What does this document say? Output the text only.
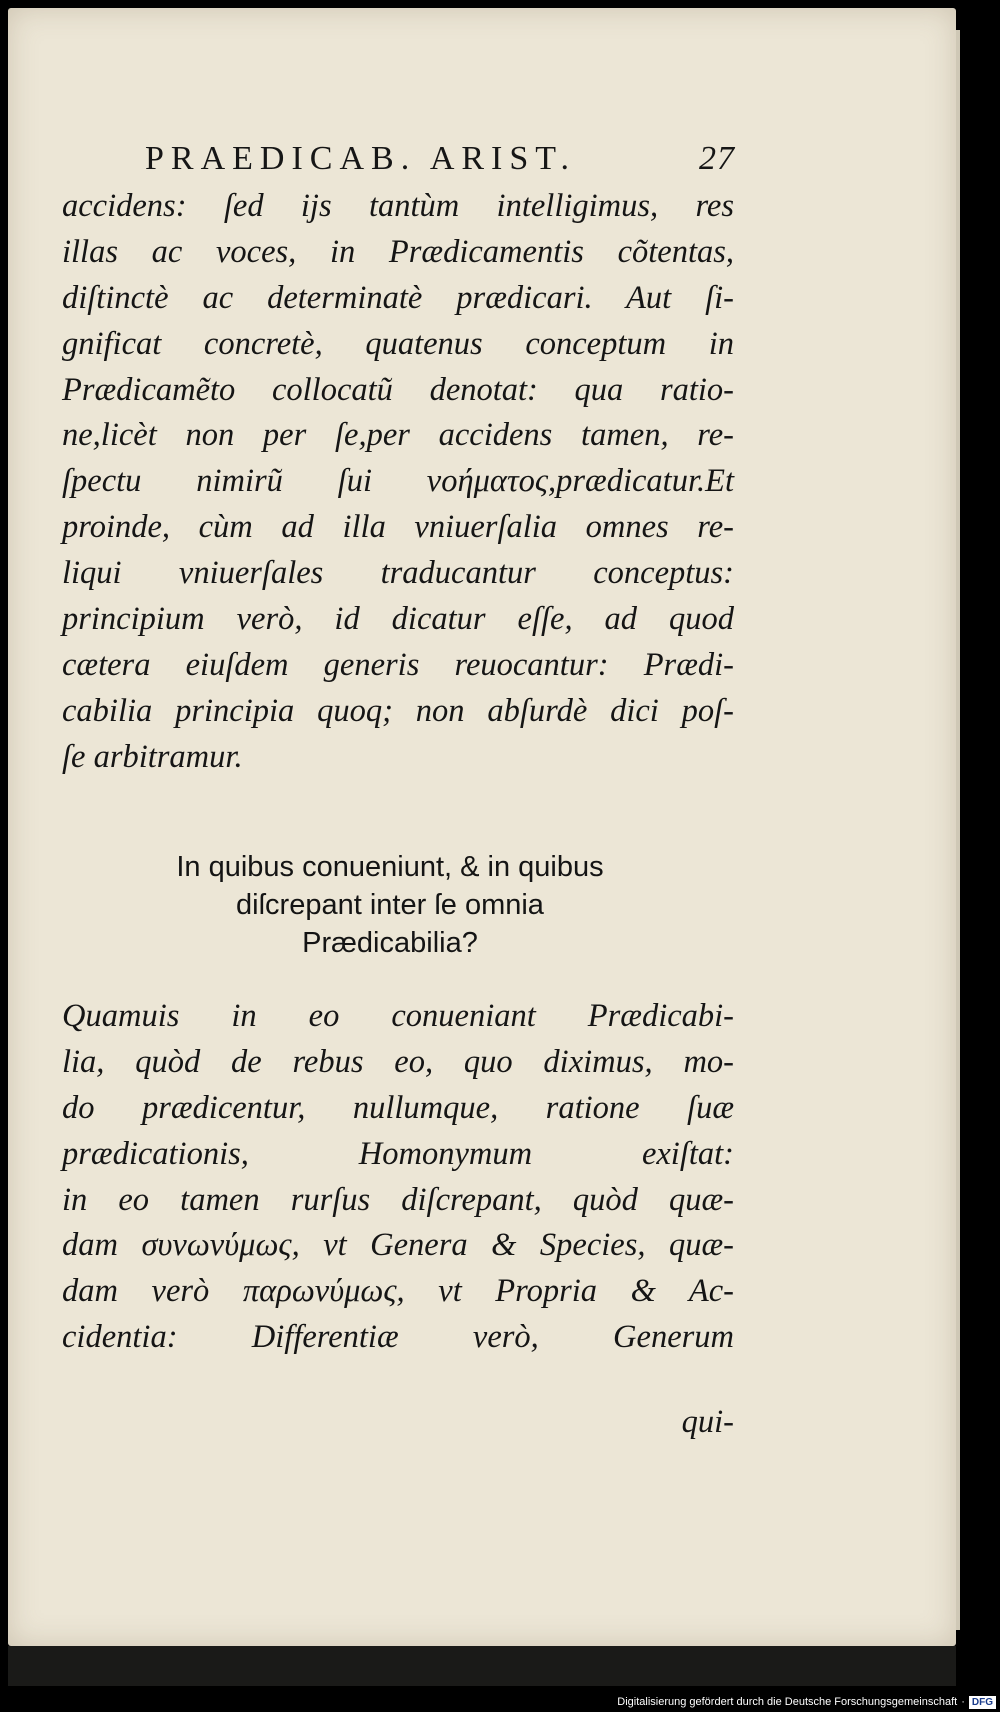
PRAEDICAB. ARIST.	27
accidens: ſed ijs tantùm intelligimus, res
illas ac voces, in Prædicamentis cõtentas,
diſtinctè ac determinatè prædicari. Aut ſi-
gnificat concretè, quatenus conceptum in
Prædicamẽto collocatũ denotat: qua ratio-
ne,licèt non per ſe,per accidens tamen, re-
ſpectu nimirũ ſui νοήματος,prædicatur.Et
proinde, cùm ad illa vniuerſalia omnes re-
liqui vniuerſales traducantur conceptus:
principium verò, id dicatur eſſe, ad quod
cætera eiuſdem generis reuocantur: Prædi-
cabilia principia quoq; non abſurdè dici poſ-
ſe arbitramur.
In quibus conueniunt, & in quibus
diſcrepant inter ſe omnia
Prædicabilia?
Quamuis in eo conueniant Prædicabi-
lia, quòd de rebus eo, quo diximus, mo-
do prædicentur, nullumque, ratione ſuæ
prædicationis, Homonymum exiſtat:
in eo tamen rurſus diſcrepant, quòd quæ-
dam συνωνύμως, vt Genera & Species, quæ-
dam verò παρωνύμως, vt Propria & Ac-
cidentia: Differentiæ verò, Generum
qui-
Digitalisierung gefördert durch die Deutsche Forschungsgemeinschaft · DFG
